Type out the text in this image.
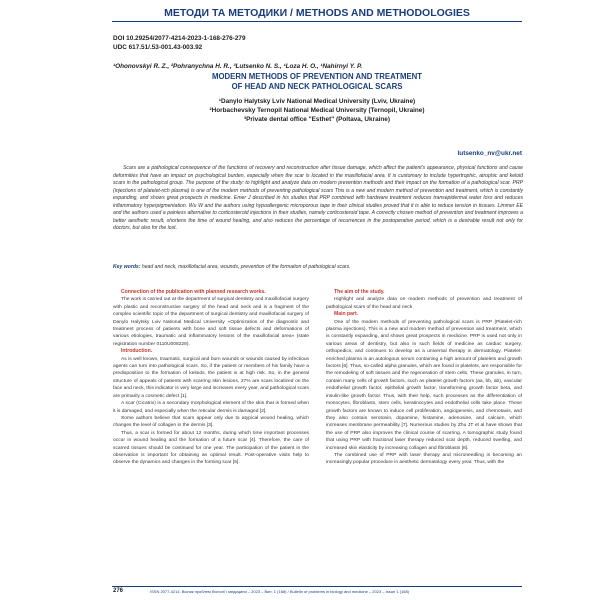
МЕТОДИ ТА МЕТОДИКИ / METHODS AND METHODOLOGIES
DOI 10.29254/2077-4214-2023-1-168-276-279
UDC 617.51/.53-001.43-003.92
¹Ohonovskyi R. Z., ²Pohranychna H. R., ³Lutsenko N. S., ¹Loza H. O., ¹Nahirnyi Y. P.
MODERN METHODS OF PREVENTION AND TREATMENT
OF HEAD AND NECK PATHOLOGICAL SCARS
¹Danylo Halytsky Lviv National Medical University (Lviv, Ukraine)
²Horbachevsky Ternopil National Medical University (Ternopil, Ukraine)
³Private dental office "Esthet" (Poltava, Ukraine)
lutsenko_nv@ukr.net
Scars are a pathological consequence of the functions of recovery and reconstruction after tissue damage, which affect the patient's appearance, physical functions and cause deformities that have an impact on psychological burden, especially when the scar is located in the maxillofacial area. It is customary to include hypertrophic, atrophic and keloid scars in the pathological group. The purpose of the study: to highlight and analyze data on modern prevention methods and their impact on the formation of a pathological scar. PRP (injections of platelet-rich plasma) is one of the modern methods of preventing pathological scars This is a new and modern method of prevention and treatment, which is constantly expanding, and shows great prospects in medicine. Emer J described in his studies that PRP combined with hardware treatment reduces transepidermal water loss and reduces inflammatory hyperpigmentation. Wu W and the authors using hypoallergenic microporous tape in their clinical studies proved that it is able to reduce tension in tissues. Limmer EE and the authors used a painless alternative to corticosteroid injections in their studies, namely corticosteroid tape. A correctly chosen method of prevention and treatment improves a better aesthetic result, shortens the time of wound healing, and also reduces the percentage of recurrences in the postoperative period, which is a desirable result not only for doctors, but also for the lost.
Key words: head and neck, maxillofacial area, wounds, prevention of the formation of pathological scars.

Connection of the publication with planned research works.

The work is carried out at the department of surgical dentistry and maxillofacial surgery with plastic and reconstructive surgery of the head and neck and is a fragment of the complex scientific topic of the department of surgical dentistry and maxillofacial surgery of Danylo Halytsky Lviv National Medical University «Optimization of the diagnostic and treatment process of patients with bone and soft tissue defects and deformations of various etiologies, traumatic and inflammatory lesions of the maxillofacial area» (state registration number 0110U008228).

Introduction.

As is well known, traumatic, surgical and burn wounds or wounds caused by infectious agents can turn into pathological scars. So, if the patient or members of his family have a predisposition to the formation of keloids, the patient is at high risk. So, in the general structure of appeals of patients with scarring skin lesions, 27% are scars localized on the face and neck, this indicator is very large and increases every year, and pathological scars are primarily a cosmetic defect [1].

A scar (Cicatrix) is a secondary morphological element of the skin that is formed when it is damaged, and especially when the reticular dermis is damaged [2].

Some authors believe that scars appear only due to atypical wound healing, which changes the level of collagen in the dermis [3].

Thus, a scar is formed for about 12 months, during which time important processes occur in wound healing and the formation of a future scar [4]. Therefore, the care of scarred tissues should be continued for one year. The participation of the patient in the observation is important for obtaining an optimal result. Post-operative visits help to observe the dynamics and changes in the forming scar [5].

The aim of the study.

Highlight and analyze data on modern methods of prevention and treatment of pathological scars of the head and neck

Main part.

One of the modern methods of preventing pathological scars is PRP (Platelet-rich plasma injections). This is a new and modern method of prevention and treatment, which is constantly expanding, and shows great prospects in medicine. PRP is used not only in various areas of dentistry, but also in such fields of medicine as cardiac surgery, orthopedics, and continues to develop as a universal therapy in dermatology. Platelet-enriched plasma is an autologous serum containing a high amount of platelets and growth factors [6]. Thus, so-called alpha granules, which are found in platelets, are responsible for the remodeling of soft tissues and the regeneration of stem cells. These granules, in turn, contain many cells of growth factors, such as platelet growth factors (aa, bb, ab), vascular endothelial growth factor, epithelial growth factor, transforming growth factor beta, and insulin-like growth factor. Thus, with their help, such processes as the differentiation of monocytes, fibroblasts, stem cells, keratinocytes and endothelial cells take place. These growth factors are known to induce cell proliferation, angiogenesis, and chemotaxis, and they also contain serotonin, dopamine, histamine, adenosine, and calcium, which increases membrane permeability [7]. Numerous studies by Zhu JT et al have shown that the use of PRP also improves the clinical course of scarring. A tomographic study found that using PRP with fractional laser therapy reduced scar depth, reduced swelling, and increased skin elasticity by increasing collagen and fibroblasts [8].

The combined use of PRP with laser therapy and microneedling is becoming an increasingly popular procedure in aesthetic dermatology every year. Thus, with the

276	ISSN 2077-4214. Вісник проблем біології і медицини – 2023 – Вип. 1 (168) / Bulletin of problems in biology and medicine – 2023 – Issue 1 (168)
